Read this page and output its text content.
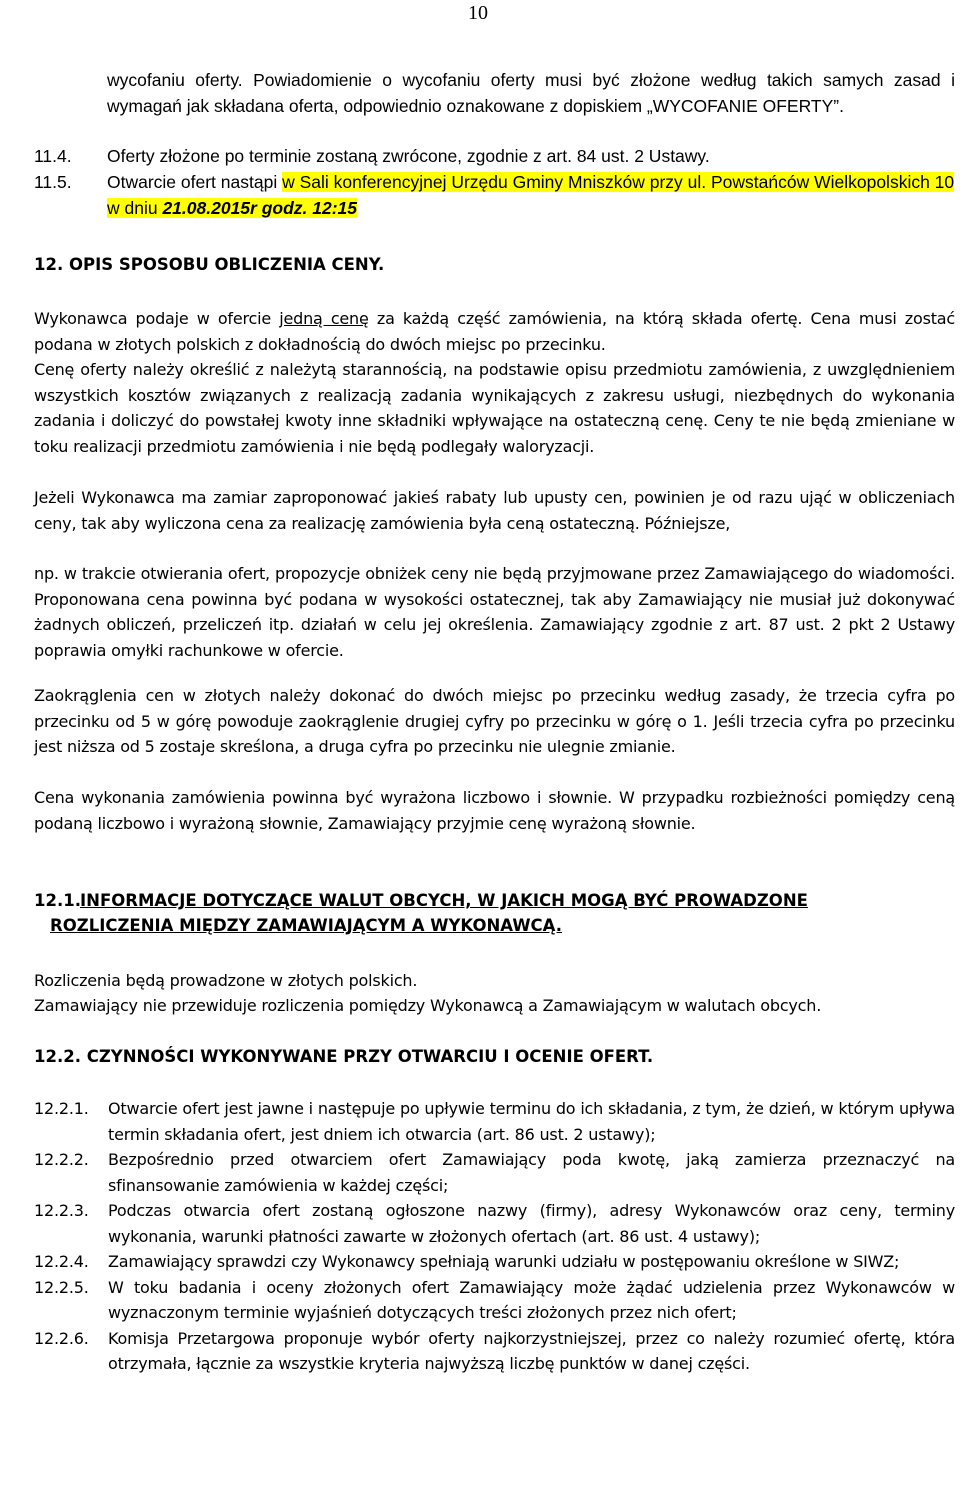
10

wycofaniu oferty. Powiadomienie o wycofaniu oferty musi być złożone według takich samych zasad i wymagań jak składana oferta, odpowiednio oznakowane z dopiskiem „WYCOFANIE OFERTY”.

11.4.	Oferty złożone po terminie zostaną zwrócone, zgodnie z art. 84 ust. 2 Ustawy.
11.5.	Otwarcie ofert nastąpi w Sali konferencyjnej Urzędu Gminy Mniszków przy ul. Powstańców Wielkopolskich 10 w dniu 21.08.2015r godz. 12:15
12. OPIS SPOSOBU OBLICZENIA CENY.

Wykonawca podaje w ofercie jedną cenę za każdą część zamówienia, na którą składa ofertę. Cena musi zostać podana w złotych polskich z dokładnością do dwóch miejsc po przecinku.

Cenę oferty należy określić z należytą starannością, na podstawie opisu przedmiotu zamówienia, z uwzględnieniem wszystkich kosztów związanych z realizacją zadania wynikających z zakresu usługi, niezbędnych do wykonania zadania i doliczyć do powstałej kwoty inne składniki wpływające na ostateczną cenę. Ceny te nie będą zmieniane w toku realizacji przedmiotu zamówienia i nie będą podlegały waloryzacji.

Jeżeli Wykonawca ma zamiar zaproponować jakieś rabaty lub upusty cen, powinien je od razu ująć w obliczeniach ceny, tak aby wyliczona cena za realizację zamówienia była ceną ostateczną. Późniejsze,

np. w trakcie otwierania ofert, propozycje obniżek ceny nie będą przyjmowane przez Zamawiającego do wiadomości. Proponowana cena powinna być podana w wysokości ostatecznej, tak aby Zamawiający nie musiał już dokonywać żadnych obliczeń, przeliczeń itp. działań w celu jej określenia. Zamawiający zgodnie z art. 87 ust. 2 pkt 2 Ustawy poprawia omyłki rachunkowe w ofercie.

Zaokrąglenia cen w złotych należy dokonać do dwóch miejsc po przecinku według zasady, że trzecia cyfra po przecinku od 5 w górę powoduje zaokrąglenie drugiej cyfry po przecinku w górę o 1. Jeśli trzecia cyfra po przecinku jest niższa od 5 zostaje skreślona, a druga cyfra po przecinku nie ulegnie zmianie.

Cena wykonania zamówienia powinna być wyrażona liczbowo i słownie. W przypadku rozbieżności pomiędzy ceną podaną liczbowo i wyrażoną słownie, Zamawiający przyjmie cenę wyrażoną słownie.

12.1.INFORMACJE DOTYCZĄCE WALUT OBCYCH, W JAKICH MOGĄ BYĆ PROWADZONE
ROZLICZENIA MIĘDZY ZAMAWIAJĄCYM A WYKONAWCĄ.

Rozliczenia będą prowadzone w złotych polskich.

Zamawiający nie przewiduje rozliczenia pomiędzy Wykonawcą a Zamawiającym w walutach obcych.

12.2. CZYNNOŚCI WYKONYWANE PRZY OTWARCIU I OCENIE OFERT.
12.2.1.	Otwarcie ofert jest jawne i następuje po upływie terminu do ich składania, z tym, że dzień, w którym upływa termin składania ofert, jest dniem ich otwarcia (art. 86 ust. 2 ustawy);
12.2.2.	Bezpośrednio przed otwarciem ofert Zamawiający poda kwotę, jaką zamierza przeznaczyć na sfinansowanie zamówienia w każdej części;
12.2.3.	Podczas otwarcia ofert zostaną ogłoszone nazwy (firmy), adresy Wykonawców oraz ceny, terminy wykonania, warunki płatności zawarte w złożonych ofertach (art. 86 ust. 4 ustawy);
12.2.4.	Zamawiający sprawdzi czy Wykonawcy spełniają warunki udziału w postępowaniu określone w SIWZ;
12.2.5.	W toku badania i oceny złożonych ofert Zamawiający może żądać udzielenia przez Wykonawców w wyznaczonym terminie wyjaśnień dotyczących treści złożonych przez nich ofert;
12.2.6.	Komisja Przetargowa proponuje wybór oferty najkorzystniejszej, przez co należy rozumieć ofertę, która otrzymała, łącznie za wszystkie kryteria najwyższą liczbę punktów w danej części.
